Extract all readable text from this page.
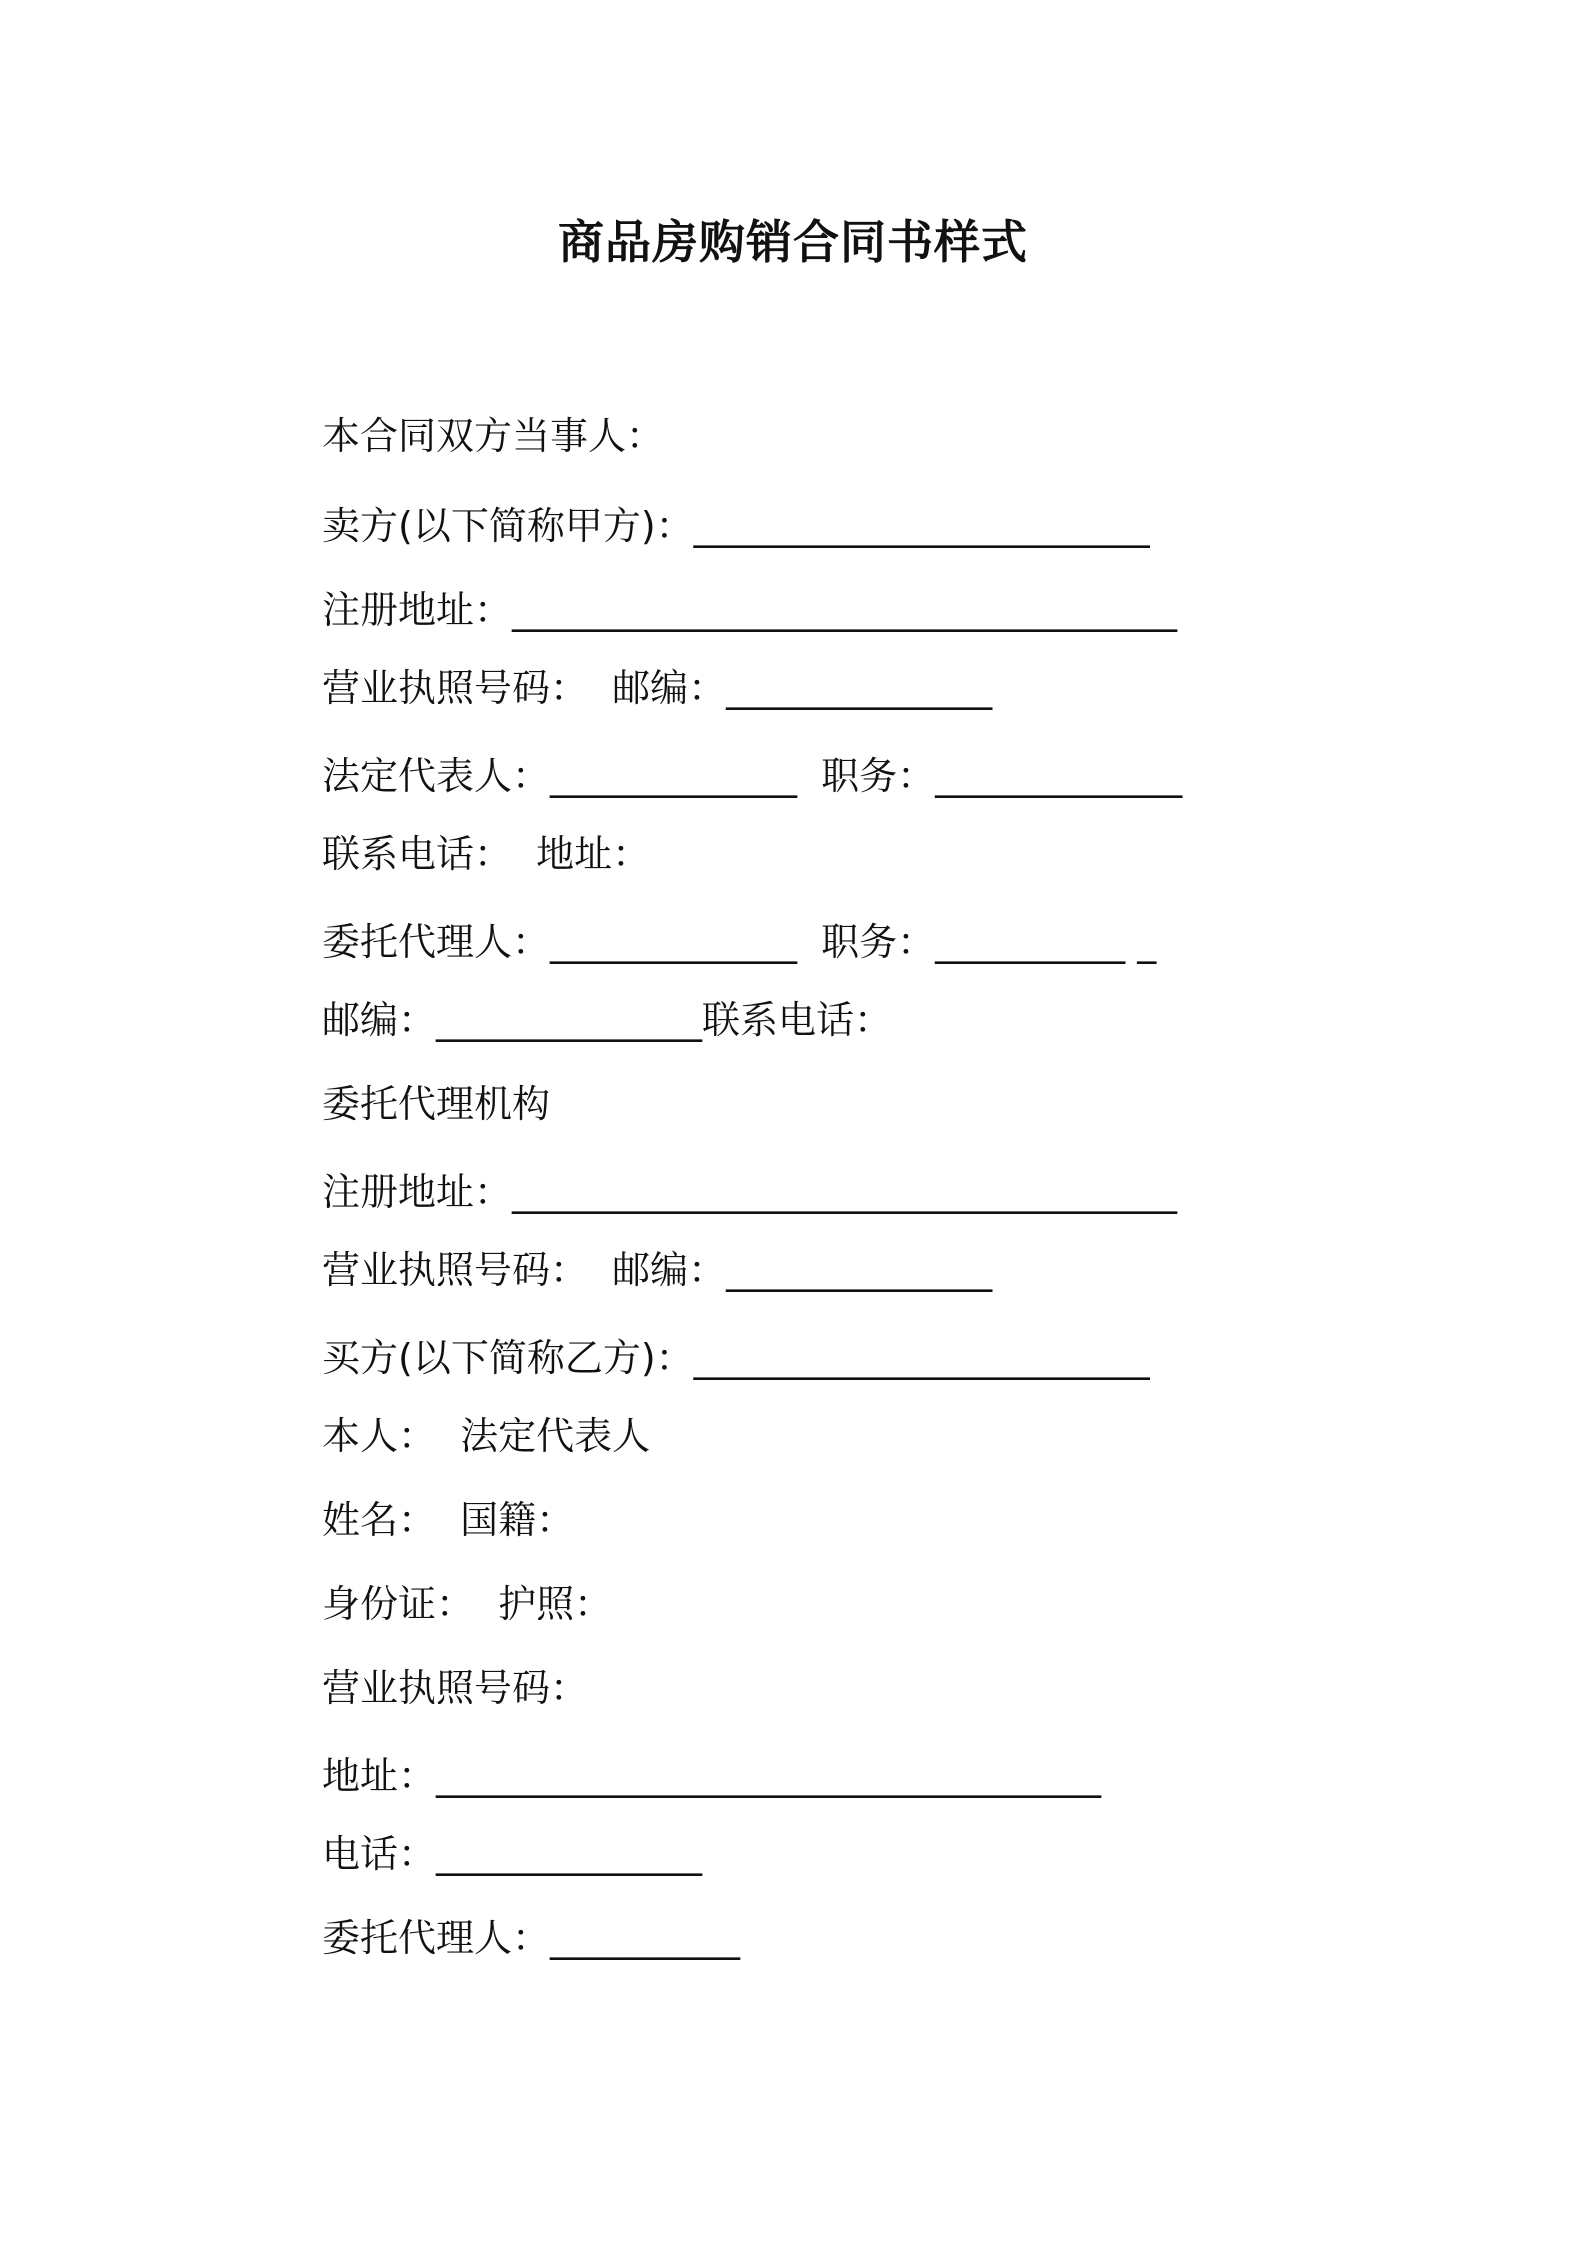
商品房购销合同书样式
本合同双方当事人：
卖方(以下简称甲方)：________________________
注册地址：___________________________________
营业执照号码：  邮编：______________
法定代表人：_____________  职务：_____________
联系电话：  地址：
委托代理人：_____________  职务：__________ _
邮编：______________联系电话：
委托代理机构
注册地址：___________________________________
营业执照号码：  邮编：______________
买方(以下简称乙方)：________________________
本人：  法定代表人
姓名：  国籍：
身份证：  护照：
营业执照号码：
地址：___________________________________
电话：______________
委托代理人：__________
